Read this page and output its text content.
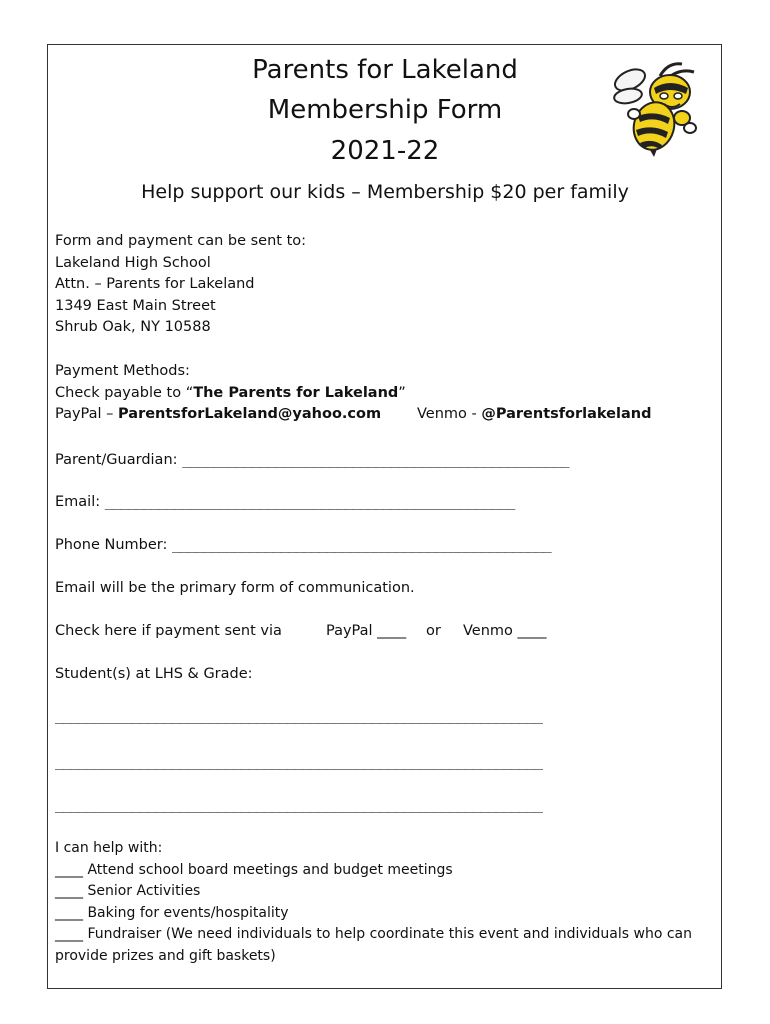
Parents for Lakeland
Membership Form
2021-22
Help support our kids – Membership $20 per family
Form and payment can be sent to:
Lakeland High School
Attn. – Parents for Lakeland
1349 East Main Street
Shrub Oak, NY 10588
Payment Methods:
Check payable to “The Parents for Lakeland”
PayPal – ParentsforLakeland@yahoo.com	Venmo - @Parentsforlakeland
Parent/Guardian: __________________________________________________
Email: _____________________________________________________
Phone Number: _________________________________________________
Email will be the primary form of communication.
Check here if payment sent via	PayPal ____ or Venmo ____
Student(s) at LHS & Grade:
_______________________________________________________________
_______________________________________________________________
_______________________________________________________________
I can help with:
____ Attend school board meetings and budget meetings
____ Senior Activities
____ Baking for events/hospitality
____ Fundraiser (We need individuals to help coordinate this event and individuals who can
provide prizes and gift baskets)
